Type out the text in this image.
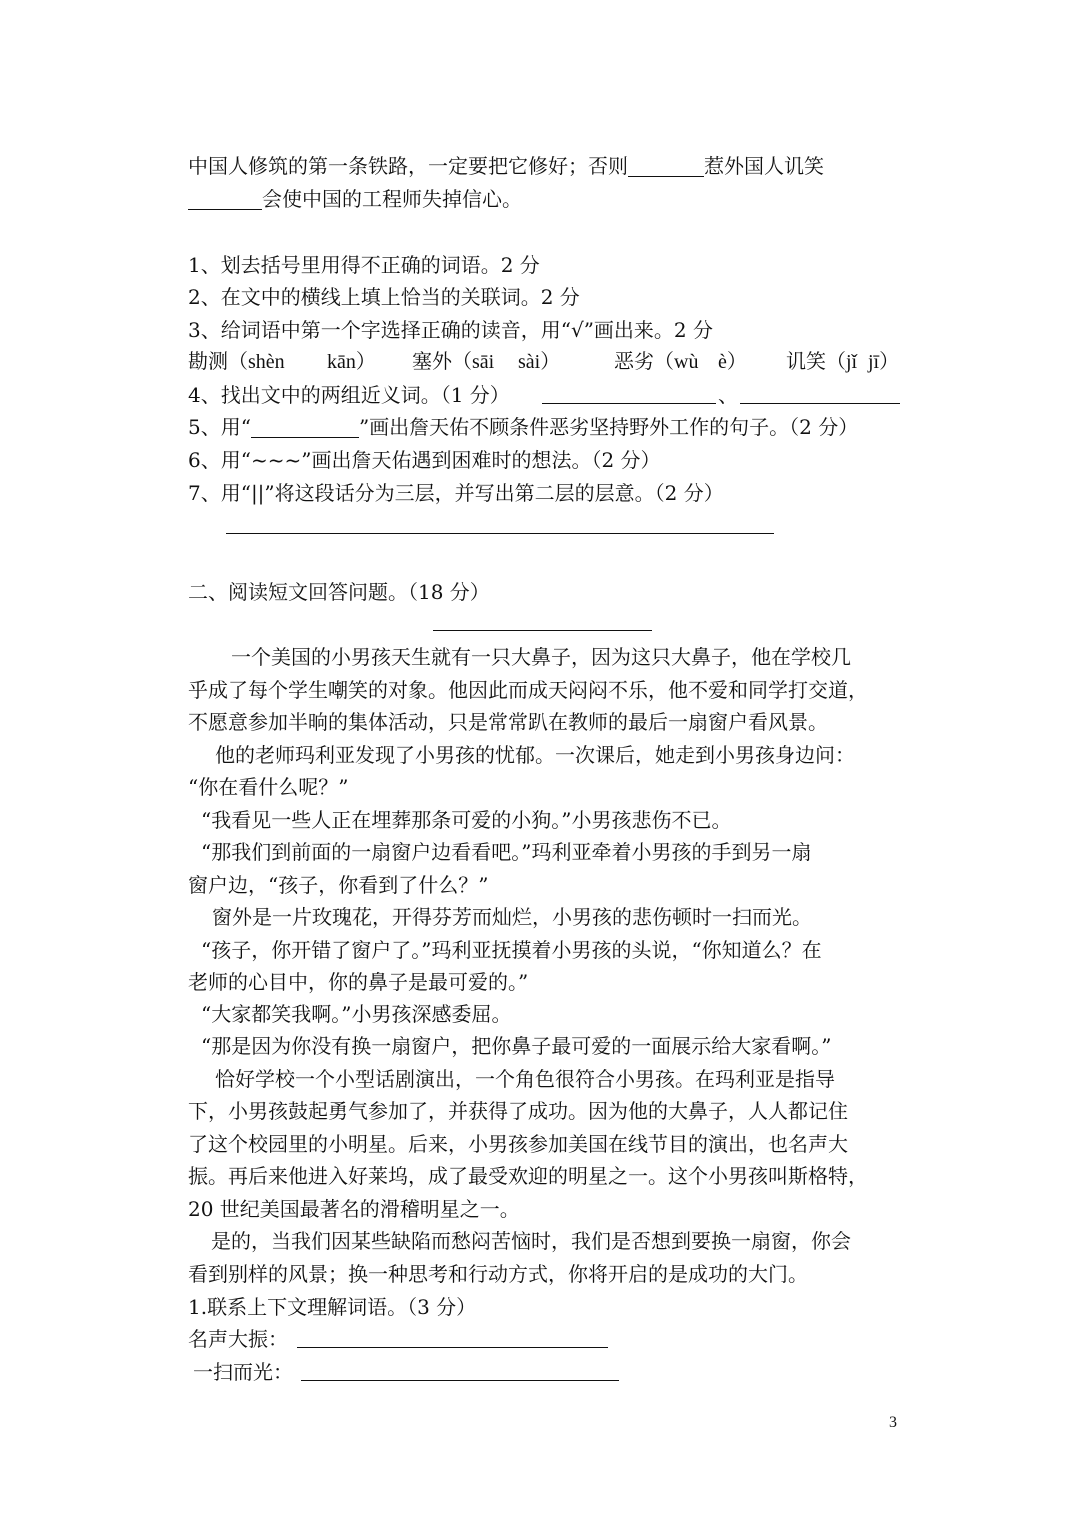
中国人修筑的第一条铁路，一定要把它修好；否则	惹外国人讥笑
会使中国的工程师失掉信心。
1、划去括号里用得不正确的词语。2 分
2、在文中的横线上填上恰当的关联词。2 分
3、给词语中第一个字选择正确的读音，用“√”画出来。2 分
勘测（shèn kān） 塞外（sāi sài）	恶劣（wù è） 讥笑（jǐ jī）
4、找出文中的两组近义词。（1 分）	、
5、用“	”画出詹天佑不顾条件恶劣坚持野外工作的句子。（2 分）
6、用“~~~”画出詹天佑遇到困难时的想法。（2 分）
7、用“||”将这段话分为三层，并写出第二层的层意。（2 分）
二、阅读短文回答问题。（18 分）
一个美国的小男孩天生就有一只大鼻子，因为这只大鼻子，他在学校几
乎成了每个学生嘲笑的对象。他因此而成天闷闷不乐，他不爱和同学打交道，
不愿意参加半晌的集体活动，只是常常趴在教师的最后一扇窗户看风景。
他的老师玛利亚发现了小男孩的忧郁。一次课后，她走到小男孩身边问：
“你在看什么呢？”
“我看见一些人正在埋葬那条可爱的小狗。”小男孩悲伤不已。
“那我们到前面的一扇窗户边看看吧。”玛利亚牵着小男孩的手到另一扇
窗户边，“孩子，你看到了什么？”
窗外是一片玫瑰花，开得芬芳而灿烂，小男孩的悲伤顿时一扫而光。
“孩子，你开错了窗户了。”玛利亚抚摸着小男孩的头说，“你知道么？在
老师的心目中，你的鼻子是最可爱的。”
“大家都笑我啊。”小男孩深感委屈。
“那是因为你没有换一扇窗户，把你鼻子最可爱的一面展示给大家看啊。”
恰好学校一个小型话剧演出，一个角色很符合小男孩。在玛利亚是指导
下，小男孩鼓起勇气参加了，并获得了成功。因为他的大鼻子，人人都记住
了这个校园里的小明星。后来，小男孩参加美国在线节目的演出，也名声大
振。再后来他进入好莱坞，成了最受欢迎的明星之一。这个小男孩叫斯格特，
20 世纪美国最著名的滑稽明星之一。
是的，当我们因某些缺陷而愁闷苦恼时，我们是否想到要换一扇窗，你会
看到别样的风景；换一种思考和行动方式，你将开启的是成功的大门。
1.联系上下文理解词语。（3 分）
名声大振：
一扫而光：
3
